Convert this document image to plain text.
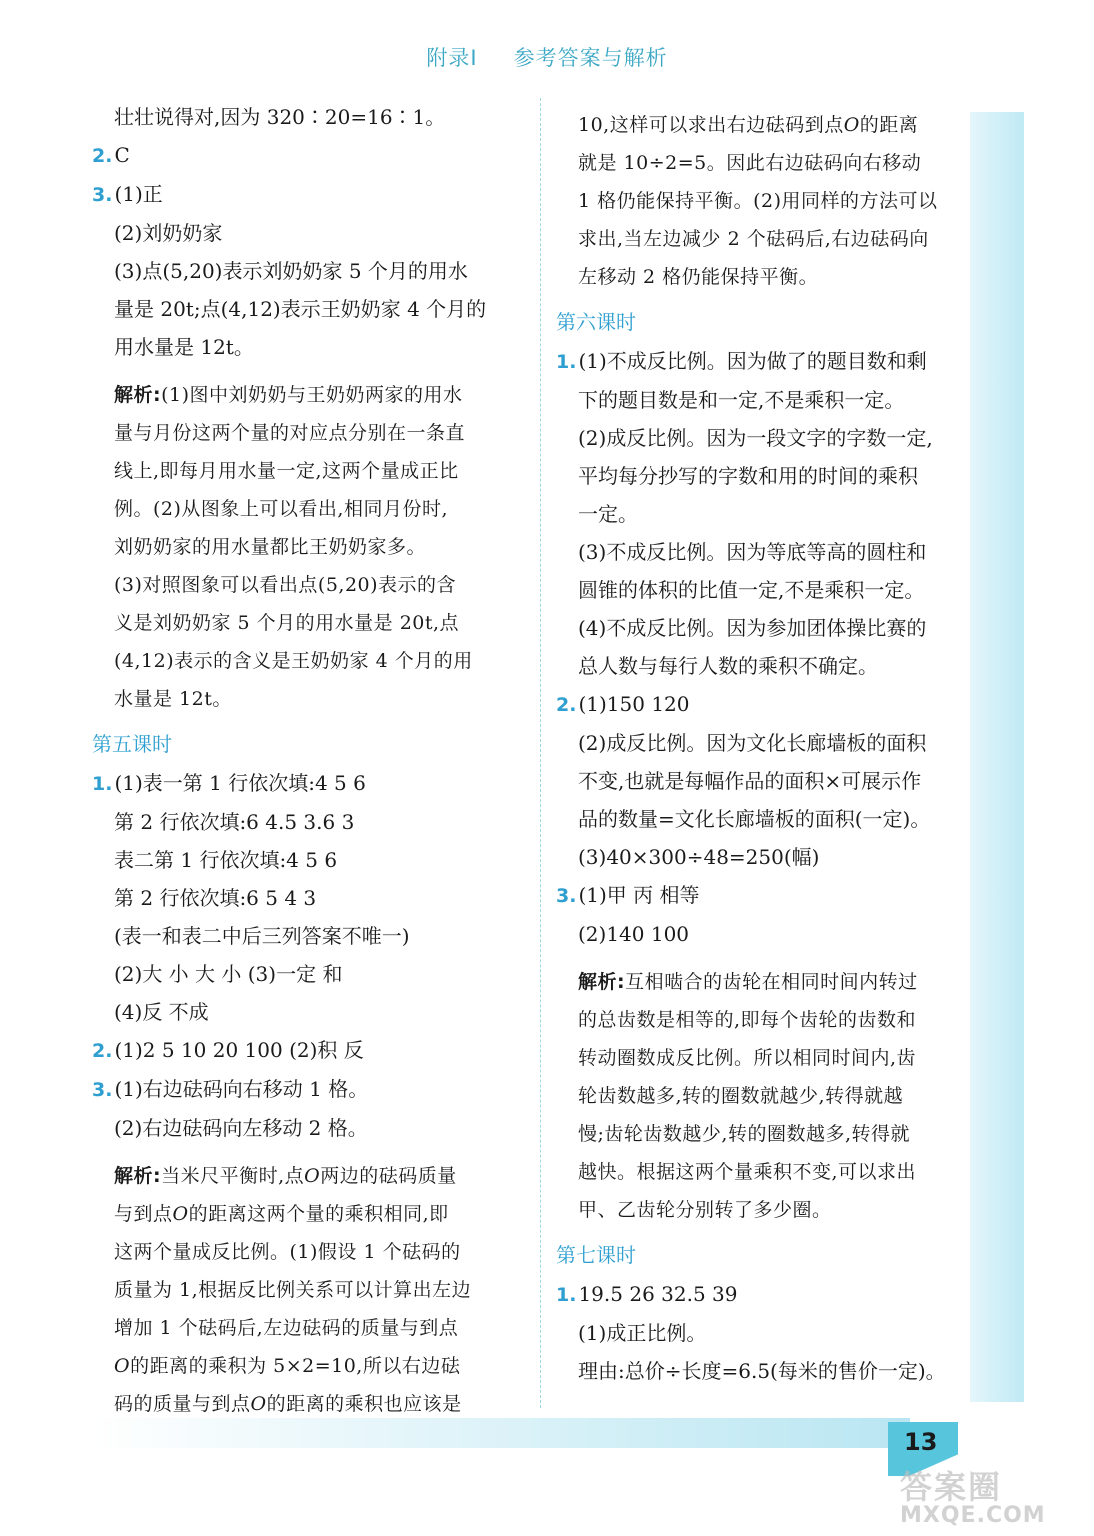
附录Ⅰ 参考答案与解析
壮壮说得对,因为 320∶20=16∶1。
2. C
3. (1)正
(2)刘奶奶家
(3)点(5,20)表示刘奶奶家 5 个月的用水
量是 20t;点(4,12)表示王奶奶家 4 个月的
用水量是 12t。
解析:(1)图中刘奶奶与王奶奶两家的用水
量与月份这两个量的对应点分别在一条直
线上,即每月用水量一定,这两个量成正比
例。(2)从图象上可以看出,相同月份时,
刘奶奶家的用水量都比王奶奶家多。
(3)对照图象可以看出点(5,20)表示的含
义是刘奶奶家 5 个月的用水量是 20t,点
(4,12)表示的含义是王奶奶家 4 个月的用
水量是 12t。
第五课时
1. (1)表一第 1 行依次填:4 5 6
第 2 行依次填:6 4.5 3.6 3
表二第 1 行依次填:4 5 6
第 2 行依次填:6 5 4 3
(表一和表二中后三列答案不唯一)
(2)大 小 大 小 (3)一定 和
(4)反 不成
2. (1)2 5 10 20 100 (2)积 反
3. (1)右边砝码向右移动 1 格。
(2)右边砝码向左移动 2 格。
解析:当米尺平衡时,点O两边的砝码质量
与到点O的距离这两个量的乘积相同,即
这两个量成反比例。(1)假设 1 个砝码的
质量为 1,根据反比例关系可以计算出左边
增加 1 个砝码后,左边砝码的质量与到点
O的距离的乘积为 5×2=10,所以右边砝
码的质量与到点O的距离的乘积也应该是
10,这样可以求出右边砝码到点O的距离
就是 10÷2=5。因此右边砝码向右移动
1 格仍能保持平衡。(2)用同样的方法可以
求出,当左边减少 2 个砝码后,右边砝码向
左移动 2 格仍能保持平衡。
第六课时
1. (1)不成反比例。因为做了的题目数和剩
下的题目数是和一定,不是乘积一定。
(2)成反比例。因为一段文字的字数一定,
平均每分抄写的字数和用的时间的乘积
一定。
(3)不成反比例。因为等底等高的圆柱和
圆锥的体积的比值一定,不是乘积一定。
(4)不成反比例。因为参加团体操比赛的
总人数与每行人数的乘积不确定。
2. (1)150 120
(2)成反比例。因为文化长廊墙板的面积
不变,也就是每幅作品的面积×可展示作
品的数量=文化长廊墙板的面积(一定)。
(3)40×300÷48=250(幅)
3. (1)甲 丙 相等
(2)140 100
解析:互相啮合的齿轮在相同时间内转过
的总齿数是相等的,即每个齿轮的齿数和
转动圈数成反比例。所以相同时间内,齿
轮齿数越多,转的圈数就越少,转得就越
慢;齿轮齿数越少,转的圈数越多,转得就
越快。根据这两个量乘积不变,可以求出
甲、乙齿轮分别转了多少圈。
第七课时
1. 19.5 26 32.5 39
(1)成正比例。
理由:总价÷长度=6.5(每米的售价一定)。
13
答案圈
MXQE.COM
